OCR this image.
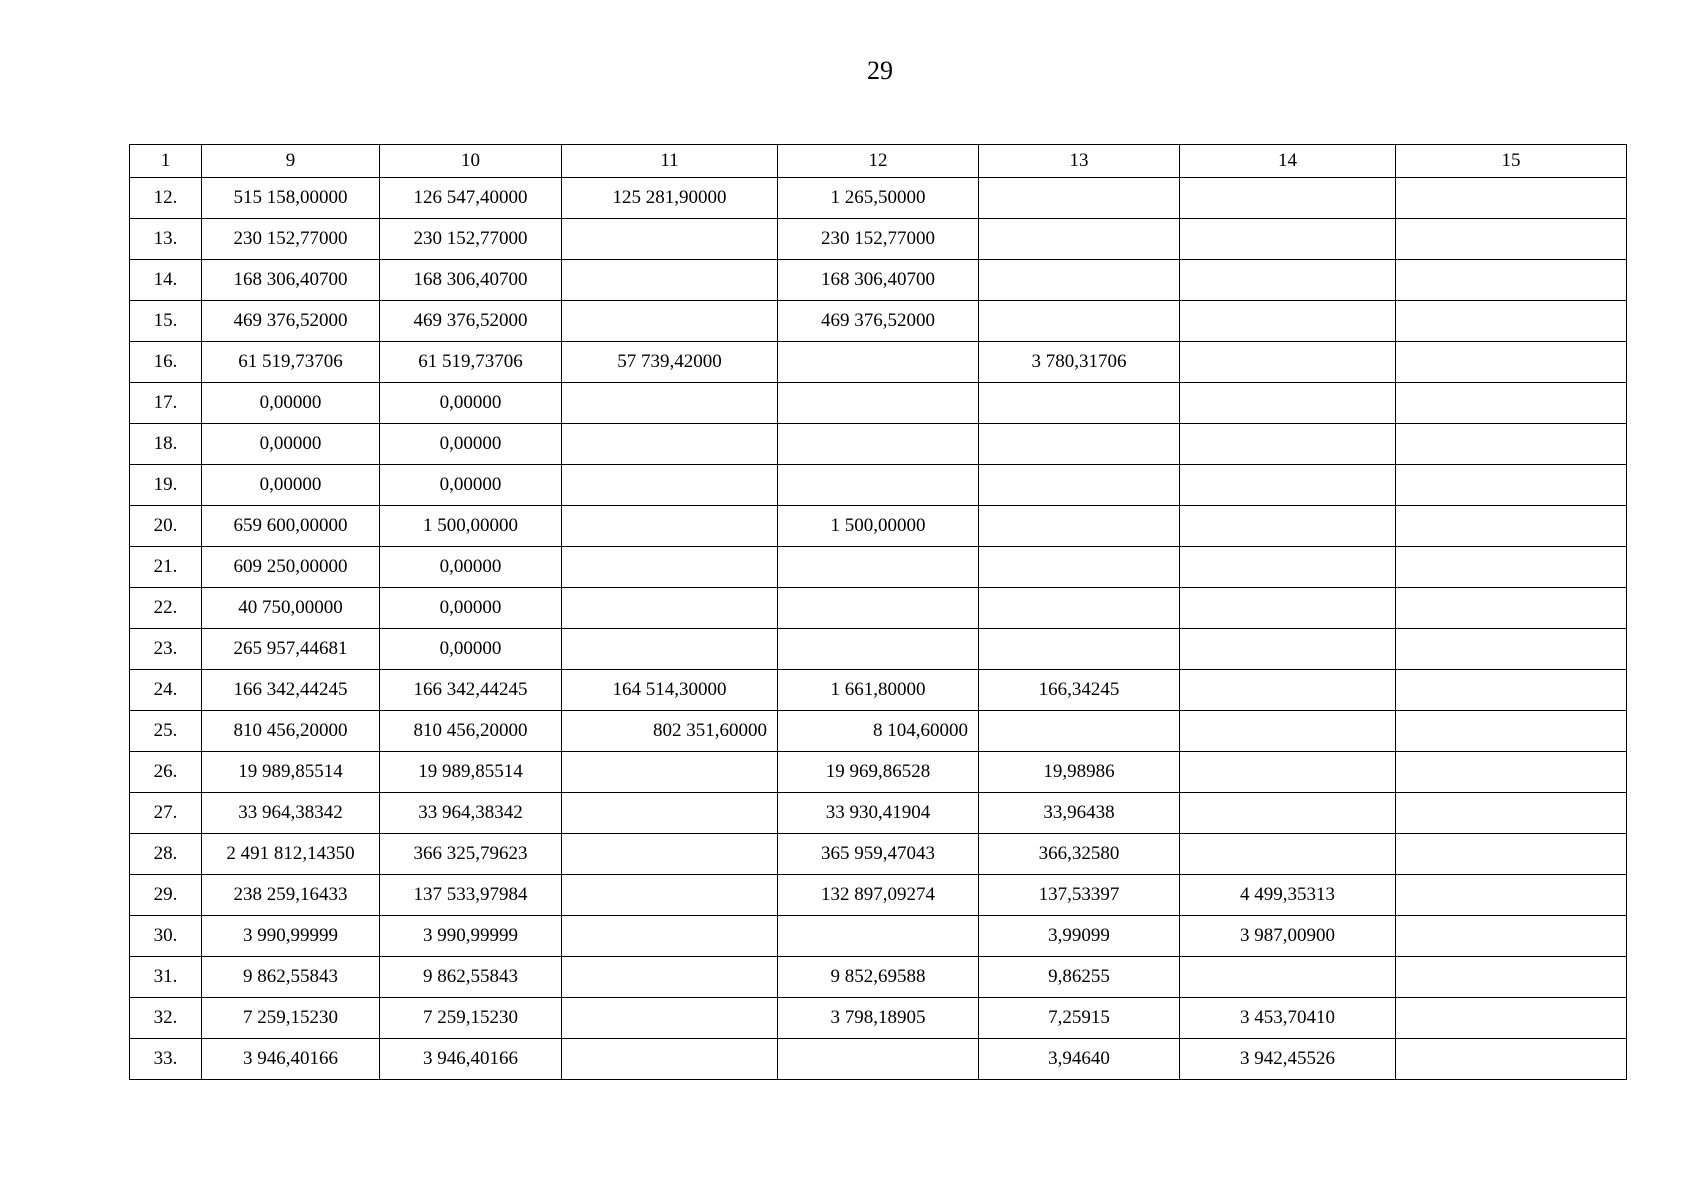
29
1	9	10	11	12	13	14	15
12.	515 158,00000	126 547,40000	125 281,90000	1 265,50000			
13.	230 152,77000	230 152,77000		230 152,77000			
14.	168 306,40700	168 306,40700		168 306,40700			
15.	469 376,52000	469 376,52000		469 376,52000			
16.	61 519,73706	61 519,73706	57 739,42000		3 780,31706		
17.	0,00000	0,00000					
18.	0,00000	0,00000					
19.	0,00000	0,00000					
20.	659 600,00000	1 500,00000		1 500,00000			
21.	609 250,00000	0,00000					
22.	40 750,00000	0,00000					
23.	265 957,44681	0,00000					
24.	166 342,44245	166 342,44245	164 514,30000	1 661,80000	166,34245		
25.	810 456,20000	810 456,20000	802 351,60000	8 104,60000			
26.	19 989,85514	19 989,85514		19 969,86528	19,98986		
27.	33 964,38342	33 964,38342		33 930,41904	33,96438		
28.	2 491 812,14350	366 325,79623		365 959,47043	366,32580		
29.	238 259,16433	137 533,97984		132 897,09274	137,53397	4 499,35313	
30.	3 990,99999	3 990,99999			3,99099	3 987,00900	
31.	9 862,55843	9 862,55843		9 852,69588	9,86255		
32.	7 259,15230	7 259,15230		3 798,18905	7,25915	3 453,70410	
33.	3 946,40166	3 946,40166			3,94640	3 942,45526	
